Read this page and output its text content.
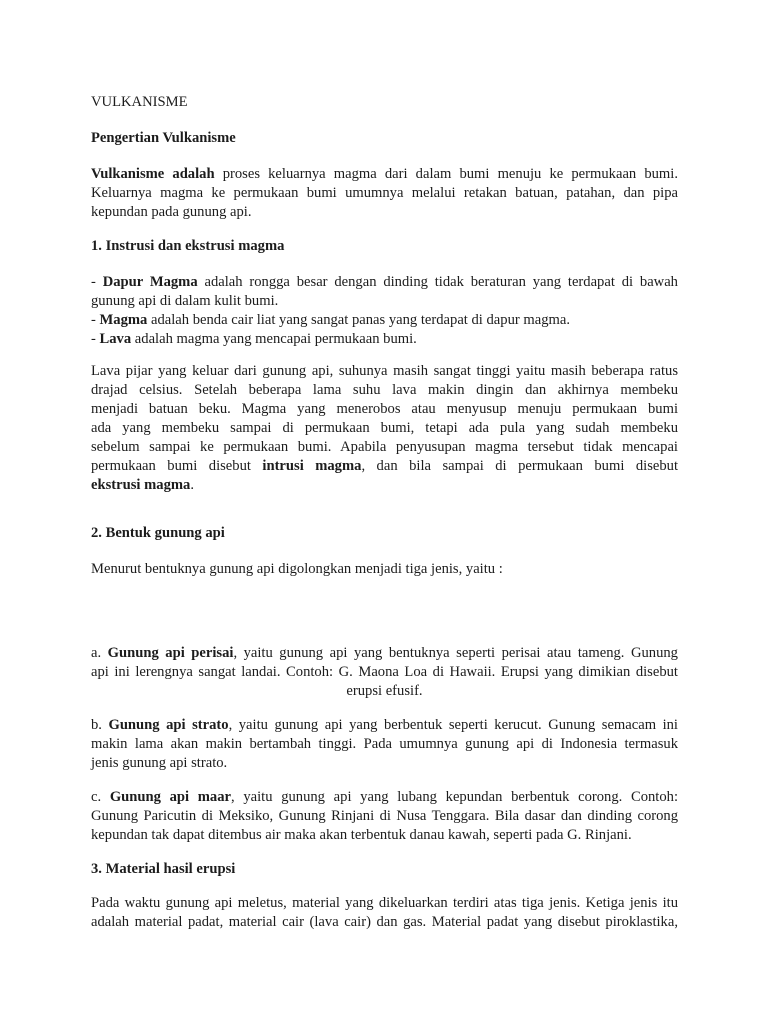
VULKANISME

Pengertian Vulkanisme

Vulkanisme adalah proses keluarnya magma dari dalam bumi menuju ke permukaan bumi.
Keluarnya magma ke permukaan bumi umumnya melalui retakan batuan, patahan, dan pipa
kepundan pada gunung api.

1. Instrusi dan ekstrusi magma

- Dapur Magma adalah rongga besar dengan dinding tidak beraturan yang terdapat di bawah
gunung api di dalam kulit bumi.
- Magma adalah benda cair liat yang sangat panas yang terdapat di dapur magma.
- Lava adalah magma yang mencapai permukaan bumi.
Lava pijar yang keluar dari gunung api, suhunya masih sangat tinggi yaitu masih beberapa ratus
drajad celsius. Setelah beberapa lama suhu lava makin dingin dan akhirnya membeku
menjadi batuan beku. Magma yang menerobos atau menyusup menuju permukaan bumi
ada yang membeku sampai di permukaan bumi, tetapi ada pula yang sudah membeku
sebelum sampai ke permukaan bumi. Apabila penyusupan magma tersebut tidak mencapai
permukaan bumi disebut intrusi magma, dan bila sampai di permukaan bumi disebut
ekstrusi magma.

2. Bentuk gunung api

Menurut bentuknya gunung api digolongkan menjadi tiga jenis, yaitu :

a. Gunung api perisai, yaitu gunung api yang bentuknya seperti perisai atau tameng. Gunung
api ini lerengnya sangat landai. Contoh: G. Maona Loa di Hawaii. Erupsi yang dimikian disebut
erupsi efusif.
b. Gunung api strato, yaitu gunung api yang berbentuk seperti kerucut. Gunung semacam ini
makin lama akan makin bertambah tinggi. Pada umumnya gunung api di Indonesia termasuk
jenis gunung api strato.
c. Gunung api maar, yaitu gunung api yang lubang kepundan berbentuk corong. Contoh:
Gunung Paricutin di Meksiko, Gunung Rinjani di Nusa Tenggara. Bila dasar dan dinding corong
kepundan tak dapat ditembus air maka akan terbentuk danau kawah, seperti pada G. Rinjani.

3. Material hasil erupsi

Pada waktu gunung api meletus, material yang dikeluarkan terdiri atas tiga jenis. Ketiga jenis itu
adalah material padat, material cair (lava cair) dan gas. Material padat yang disebut piroklastika,
